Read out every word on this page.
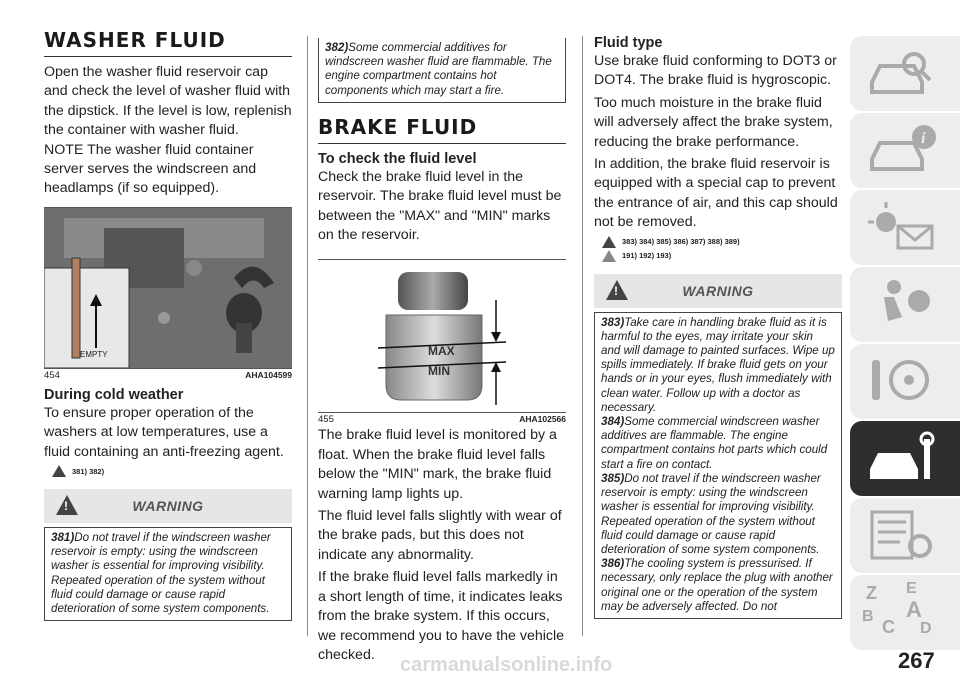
WASHER FLUID

Open the washer fluid reservoir cap and check the level of washer fluid with the dipstick. If the level is low, replenish the container with washer fluid.

NOTE The washer fluid container server serves the windscreen and headlamps (if so equipped).

EMPTY
454	AHA104599
During cold weather

To ensure proper operation of the washers at low temperatures, use a fluid containing an anti-freezing agent.

381) 382)
!
WARNING

381)Do not travel if the windscreen washer reservoir is empty: using the windscreen washer is essential for improving visibility. Repeated operation of the system without fluid could damage or cause rapid deterioration of some system components.

382)Some commercial additives for windscreen washer fluid are flammable. The engine compartment contains hot components which may start a fire.

BRAKE FLUID
To check the fluid level

Check the brake fluid level in the reservoir. The brake fluid level must be between the "MAX" and "MIN" marks on the reservoir.

MAX
MIN
455	AHA102566

The brake fluid level is monitored by a float. When the brake fluid level falls below the "MIN" mark, the brake fluid warning lamp lights up.

The fluid level falls slightly with wear of the brake pads, but this does not indicate any abnormality.

If the brake fluid level falls markedly in a short length of time, it indicates leaks from the brake system. If this occurs, we recommend you to have the vehicle checked.

Fluid type

Use brake fluid conforming to DOT3 or DOT4. The brake fluid is hygroscopic.

Too much moisture in the brake fluid will adversely affect the brake system, reducing the brake performance.

In addition, the brake fluid reservoir is equipped with a special cap to prevent the entrance of air, and this cap should not be removed.

383) 384) 385) 386) 387) 388) 389)
191) 192) 193)
!
WARNING

383)Take care in handling brake fluid as it is harmful to the eyes, may irritate your skin and will damage to painted surfaces. Wipe up spills immediately. If brake fluid gets on your hands or in your eyes, flush immediately with clean water. Follow up with a doctor as necessary.

384)Some commercial windscreen washer additives are flammable. The engine compartment contains hot parts which could start a fire on contact.

385)Do not travel if the windscreen washer reservoir is empty: using the windscreen washer is essential for improving visibility. Repeated operation of the system without fluid could damage or cause rapid deterioration of some system components.

386)The cooling system is pressurised. If necessary, only replace the plug with another original one or the operation of the system may be adversely affected. Do not

i
Z E
B A
C D
267
carmanualsonline.info
